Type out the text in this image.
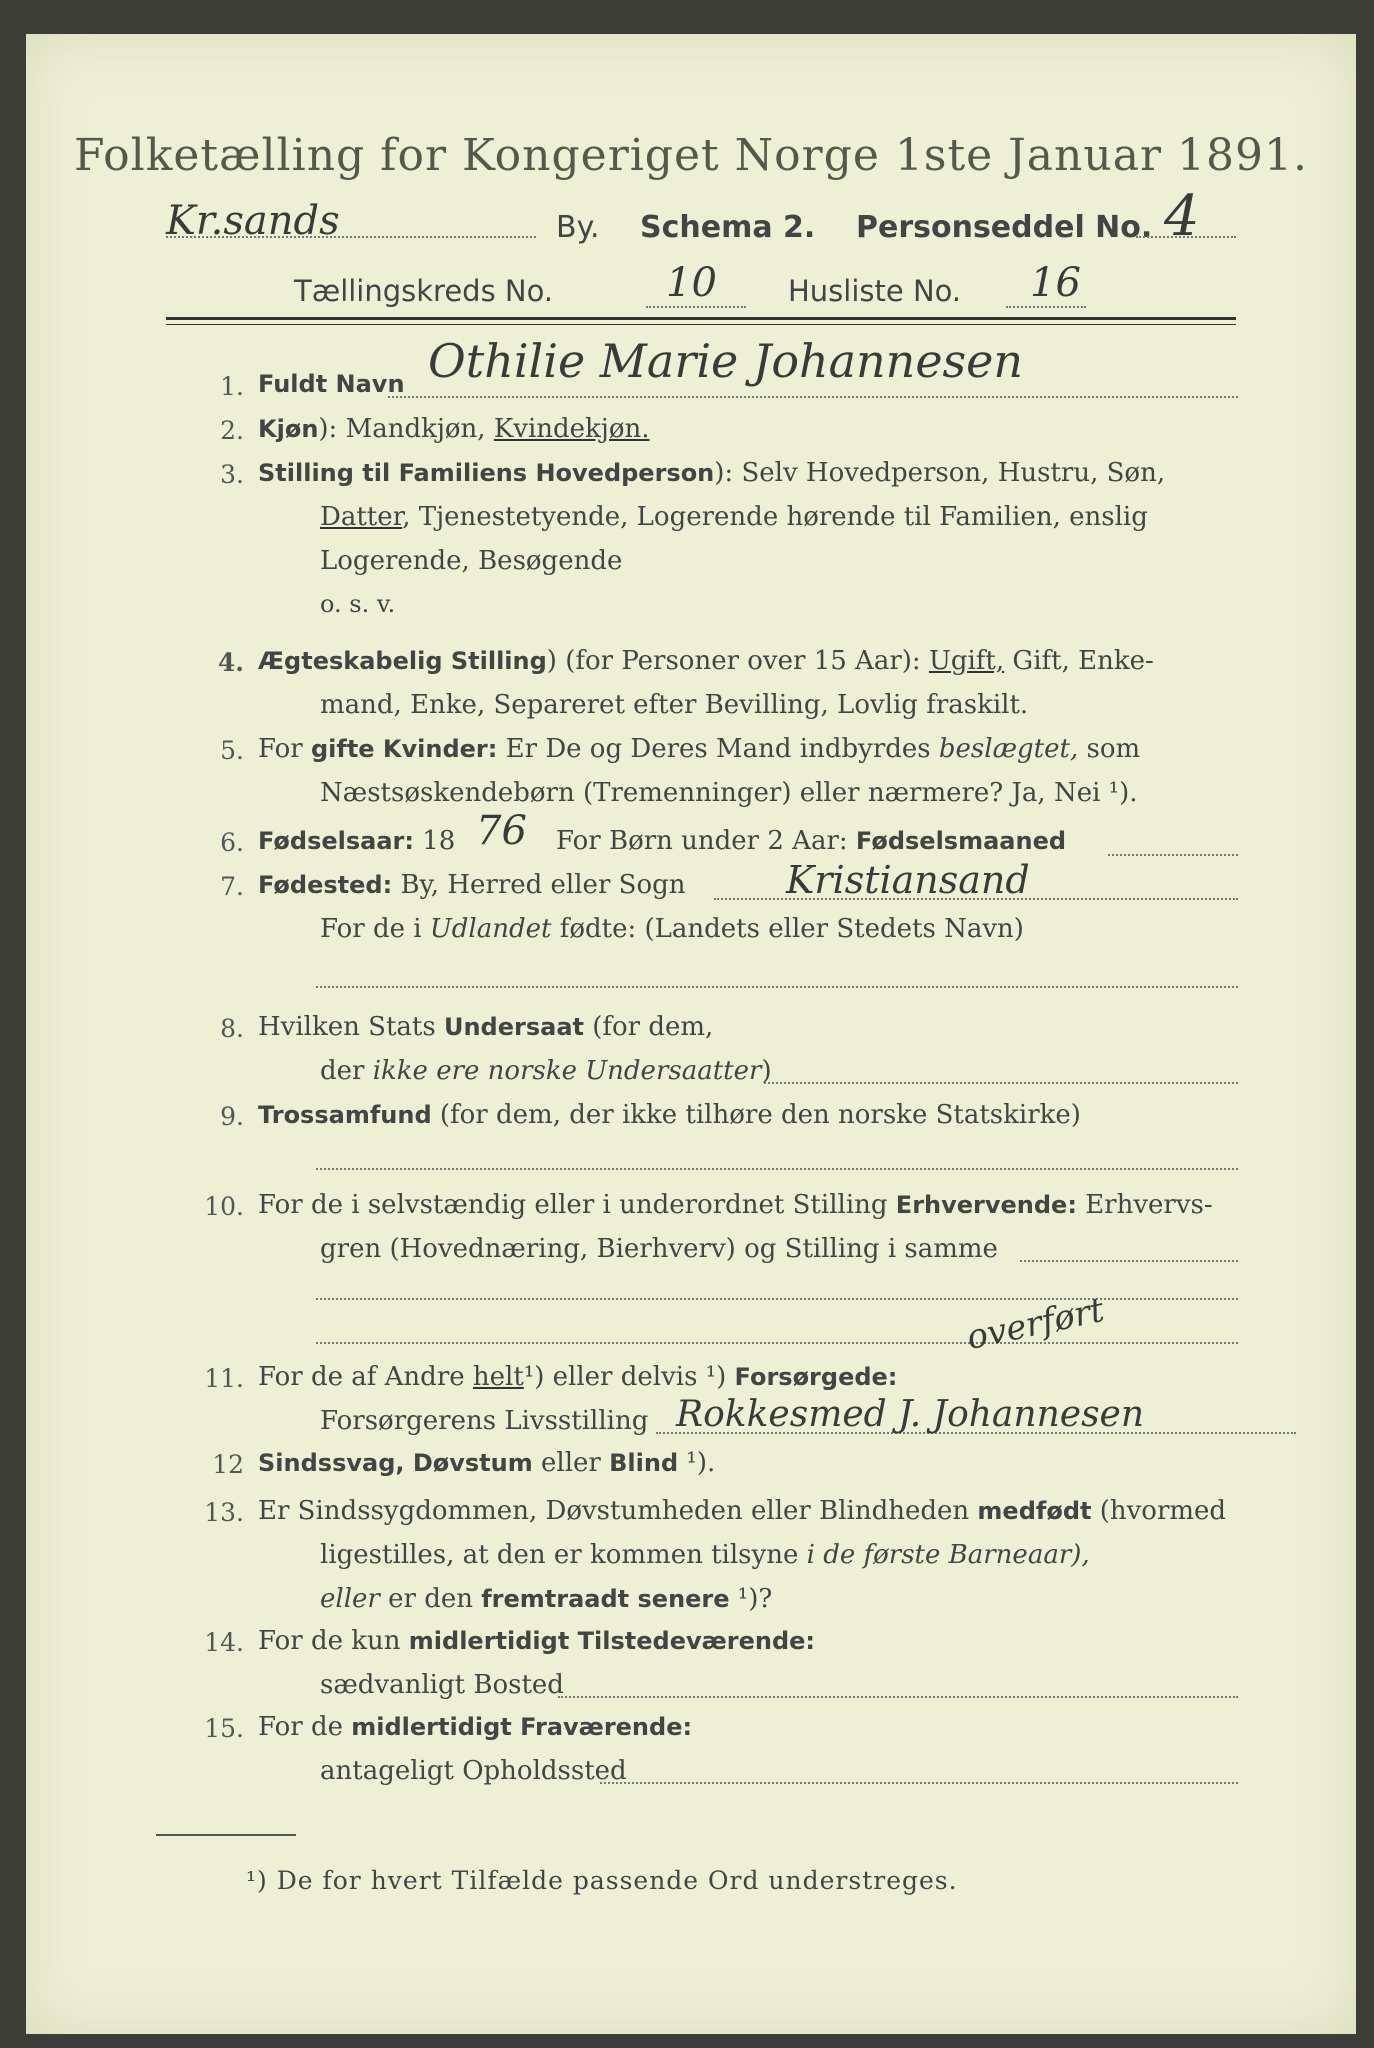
Folketælling for Kongeriget Norge 1ste Januar 1891.
Kr.sands	By. Schema 2. Personseddel No. 4
Tællingskreds No.	10 Husliste No. 16
1. Fuldt Navn Othilie Marie Johannesen
2. Kjøn): Mandkjøn, Kvindekjøn.
3. Stilling til Familiens Hovedperson): Selv Hovedperson, Hustru, Søn,
Datter, Tjenestetyende, Logerende hørende til Familien, enslig
Logerende, Besøgende
o. s. v.
4. Ægteskabelig Stilling) (for Personer over 15 Aar): Ugift, Gift, Enke-
mand, Enke, Separeret efter Bevilling, Lovlig fraskilt.
5. For gifte Kvinder: Er De og Deres Mand indbyrdes beslægtet, som
Næstsøskendebørn (Tremenninger) eller nærmere? Ja, Nei ¹).
6. Fødselsaar: 18 76 For Børn under 2 Aar: Fødselsmaaned
7. Fødested: By, Herred eller Sogn	Kristiansand
For de i Udlandet fødte: (Landets eller Stedets Navn)
8. Hvilken Stats Undersaat (for dem,
der ikke ere norske Undersaatter)
9. Trossamfund (for dem, der ikke tilhøre den norske Statskirke)
10. For de i selvstændig eller i underordnet Stilling Erhvervende: Erhvervs-
gren (Hovednæring, Bierhverv) og Stilling i samme
11. For de af Andre helt¹) eller delvis ¹) Forsørgede:
overført
Forsørgerens Livsstilling Rokkesmed J. Johannesen
12 Sindssvag, Døvstum eller Blind ¹).
13. Er Sindssygdommen, Døvstumheden eller Blindheden medfødt (hvormed
ligestilles, at den er kommen tilsyne i de første Barneaar),
eller er den fremtraadt senere ¹)?
14. For de kun midlertidigt Tilstedeværende:
sædvanligt Bosted
15. For de midlertidigt Fraværende:
antageligt Opholdssted
¹) De for hvert Tilfælde passende Ord understreges.
